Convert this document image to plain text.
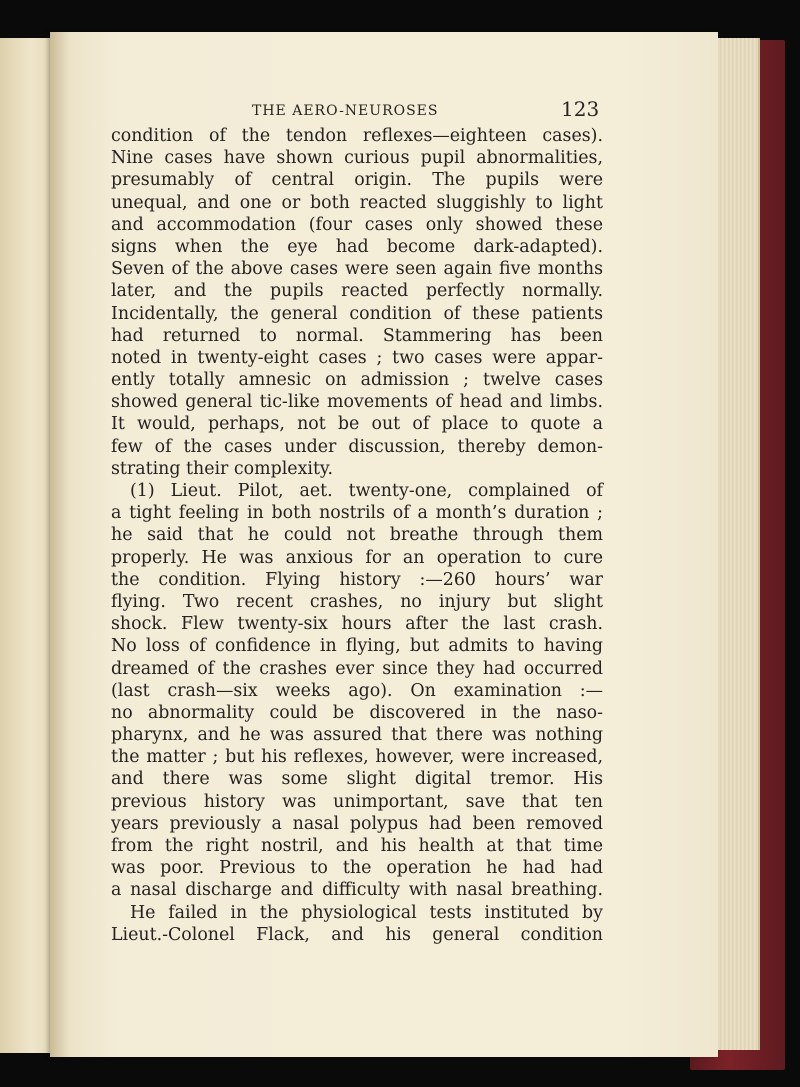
THE AERO-NEUROSES	123
condition of the tendon reflexes—eighteen cases).
Nine cases have shown curious pupil abnormalities,
presumably of central origin. The pupils were
unequal, and one or both reacted sluggishly to light
and accommodation (four cases only showed these
signs when the eye had become dark-adapted).
Seven of the above cases were seen again five months
later, and the pupils reacted perfectly normally.
Incidentally, the general condition of these patients
had returned to normal. Stammering has been
noted in twenty-eight cases ; two cases were appar-
ently totally amnesic on admission ; twelve cases
showed general tic-like movements of head and limbs.
It would, perhaps, not be out of place to quote a
few of the cases under discussion, thereby demon-
strating their complexity.
(1) Lieut. Pilot, aet. twenty-one, complained of
a tight feeling in both nostrils of a month’s duration ;
he said that he could not breathe through them
properly. He was anxious for an operation to cure
the condition. Flying history :—260 hours’ war
flying. Two recent crashes, no injury but slight
shock. Flew twenty-six hours after the last crash.
No loss of confidence in flying, but admits to having
dreamed of the crashes ever since they had occurred
(last crash—six weeks ago). On examination :—
no abnormality could be discovered in the naso-
pharynx, and he was assured that there was nothing
the matter ; but his reflexes, however, were increased,
and there was some slight digital tremor. His
previous history was unimportant, save that ten
years previously a nasal polypus had been removed
from the right nostril, and his health at that time
was poor. Previous to the operation he had had
a nasal discharge and difficulty with nasal breathing.
He failed in the physiological tests instituted by
Lieut.-Colonel Flack, and his general condition
